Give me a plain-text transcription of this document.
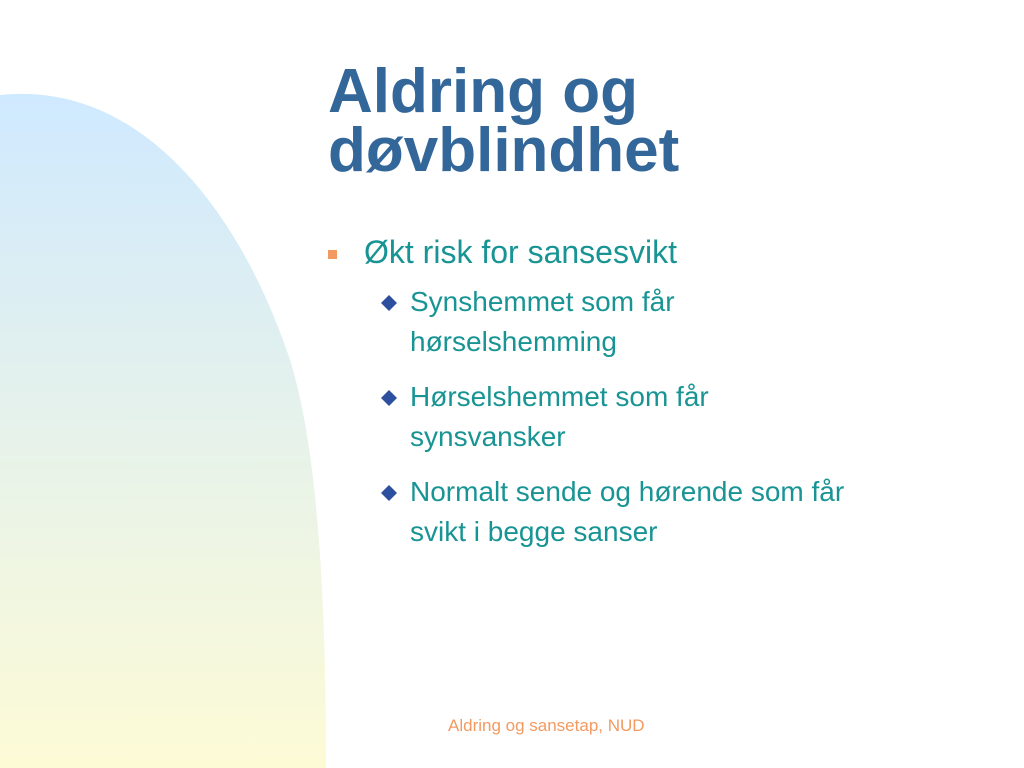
Aldring og
døvblindhet
Økt risk for sansesvikt
Synshemmet som får
hørselshemming
Hørselshemmet som får
synsvansker
Normalt sende og hørende som får
svikt i begge sanser
Aldring og sansetap, NUD
